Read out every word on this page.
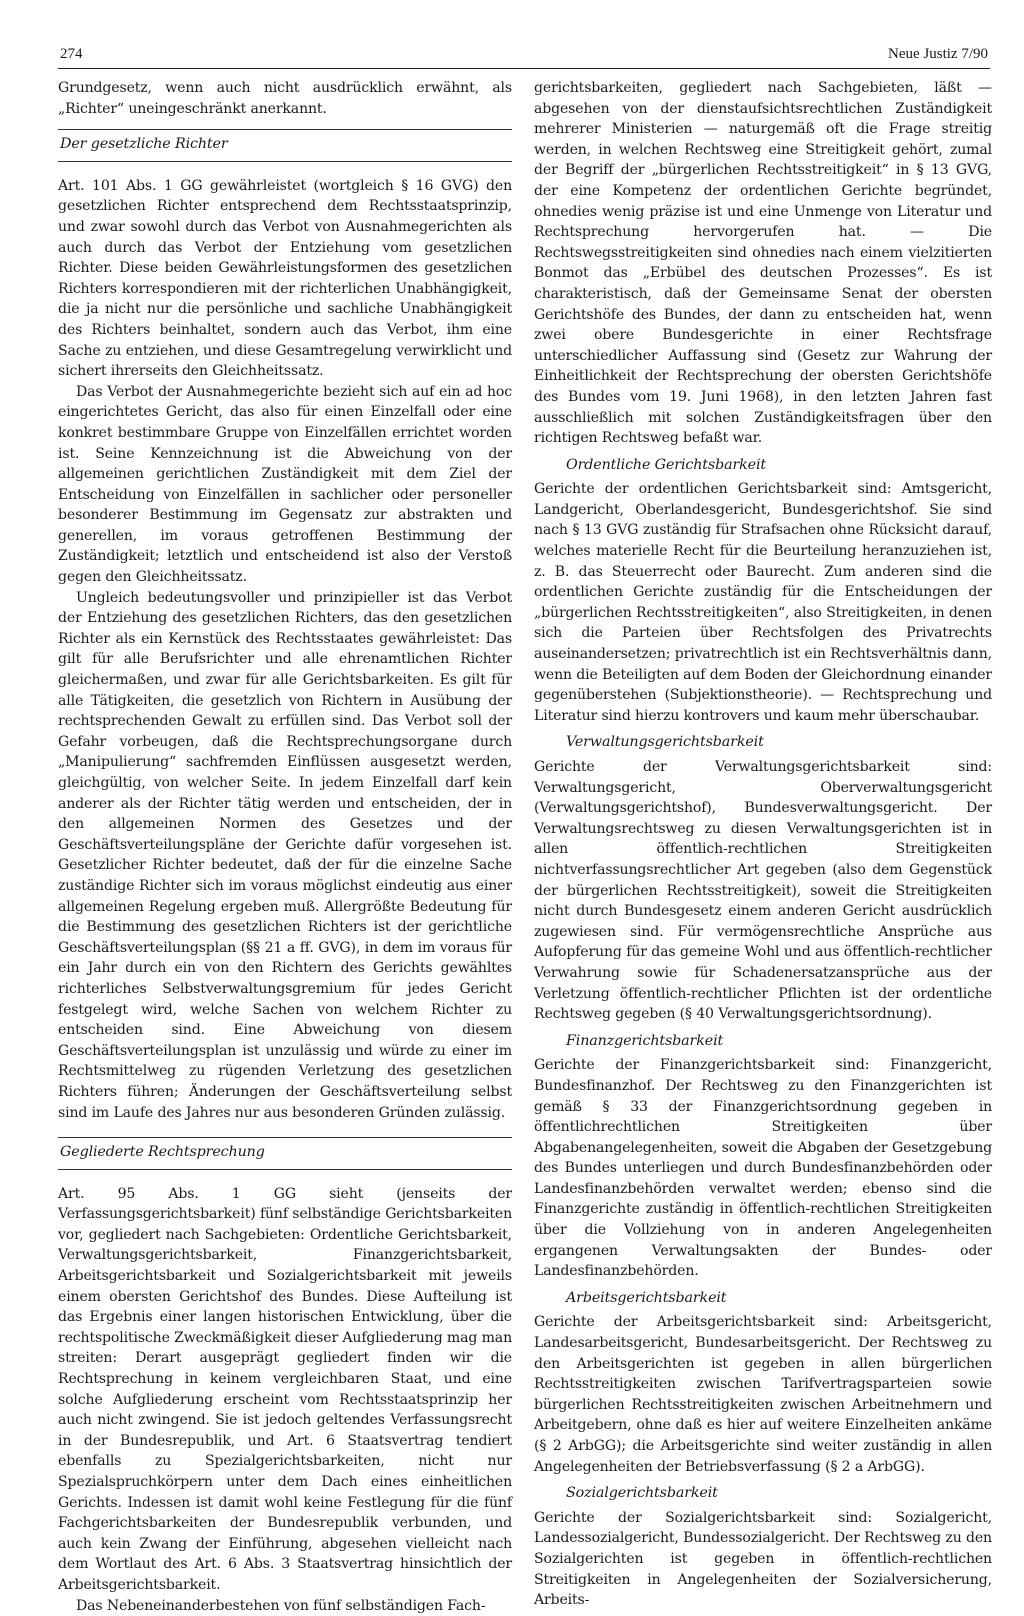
274	Neue Justiz 7/90

Grundgesetz, wenn auch nicht ausdrücklich erwähnt, als „Richter“ uneingeschränkt anerkannt.

Der gesetzliche Richter

Art. 101 Abs. 1 GG gewährleistet (wortgleich § 16 GVG) den gesetzlichen Richter entsprechend dem Rechtsstaatsprinzip, und zwar sowohl durch das Verbot von Ausnahmegerichten als auch durch das Verbot der Entziehung vom gesetzlichen Richter. Diese beiden Gewährleistungsformen des gesetzlichen Richters korrespondieren mit der richterlichen Unabhängigkeit, die ja nicht nur die persönliche und sachliche Unabhängigkeit des Richters beinhaltet, sondern auch das Verbot, ihm eine Sache zu entziehen, und diese Gesamtregelung verwirklicht und sichert ihrerseits den Gleichheitssatz.

Das Verbot der Ausnahmegerichte bezieht sich auf ein ad hoc eingerichtetes Gericht, das also für einen Einzelfall oder eine konkret bestimmbare Gruppe von Einzelfällen errichtet worden ist. Seine Kennzeichnung ist die Abweichung von der allgemeinen gerichtlichen Zuständigkeit mit dem Ziel der Entscheidung von Einzelfällen in sachlicher oder personeller besonderer Bestimmung im Gegensatz zur abstrakten und generellen, im voraus getroffenen Bestimmung der Zuständigkeit; letztlich und entscheidend ist also der Verstoß gegen den Gleichheitssatz.

Ungleich bedeutungsvoller und prinzipieller ist das Verbot der Entziehung des gesetzlichen Richters, das den gesetzlichen Richter als ein Kernstück des Rechtsstaates gewährleistet: Das gilt für alle Berufsrichter und alle ehrenamtlichen Richter gleichermaßen, und zwar für alle Gerichtsbarkeiten. Es gilt für alle Tätigkeiten, die gesetzlich von Richtern in Ausübung der rechtsprechenden Gewalt zu erfüllen sind. Das Verbot soll der Gefahr vorbeugen, daß die Rechtsprechungsorgane durch „Manipulierung“ sachfremden Einflüssen ausgesetzt werden, gleichgültig, von welcher Seite. In jedem Einzelfall darf kein anderer als der Richter tätig werden und entscheiden, der in den allgemeinen Normen des Gesetzes und der Geschäftsverteilungspläne der Gerichte dafür vorgesehen ist. Gesetzlicher Richter bedeutet, daß der für die einzelne Sache zuständige Richter sich im voraus möglichst eindeutig aus einer allgemeinen Regelung ergeben muß. Allergrößte Bedeutung für die Bestimmung des gesetzlichen Richters ist der gerichtliche Geschäftsverteilungsplan (§§ 21 a ff. GVG), in dem im voraus für ein Jahr durch ein von den Richtern des Gerichts gewähltes richterliches Selbstverwaltungsgremium für jedes Gericht festgelegt wird, welche Sachen von welchem Richter zu entscheiden sind. Eine Abweichung von diesem Geschäftsverteilungsplan ist unzulässig und würde zu einer im Rechtsmittelweg zu rügenden Verletzung des gesetzlichen Richters führen; Änderungen der Geschäftsverteilung selbst sind im Laufe des Jahres nur aus besonderen Gründen zulässig.

Gegliederte Rechtsprechung

Art. 95 Abs. 1 GG sieht (jenseits der Verfassungsgerichtsbarkeit) fünf selbständige Gerichtsbarkeiten vor, gegliedert nach Sachgebieten: Ordentliche Gerichtsbarkeit, Verwaltungsgerichtsbarkeit, Finanzgerichtsbarkeit, Arbeitsgerichtsbarkeit und Sozialgerichtsbarkeit mit jeweils einem obersten Gerichtshof des Bundes. Diese Aufteilung ist das Ergebnis einer langen historischen Entwicklung, über die rechtspolitische Zweckmäßigkeit dieser Aufgliederung mag man streiten: Derart ausgeprägt gegliedert finden wir die Rechtsprechung in keinem vergleichbaren Staat, und eine solche Aufgliederung erscheint vom Rechtsstaatsprinzip her auch nicht zwingend. Sie ist jedoch geltendes Verfassungsrecht in der Bundesrepublik, und Art. 6 Staatsvertrag tendiert ebenfalls zu Spezialgerichtsbarkeiten, nicht nur Spezialspruchkörpern unter dem Dach eines einheitlichen Gerichts. Indessen ist damit wohl keine Festlegung für die fünf Fachgerichtsbarkeiten der Bundesrepublik verbunden, und auch kein Zwang der Einführung, abgesehen vielleicht nach dem Wortlaut des Art. 6 Abs. 3 Staatsvertrag hinsichtlich der Arbeitsgerichtsbarkeit.

Das Nebeneinanderbestehen von fünf selbständigen Fach-

gerichtsbarkeiten, gegliedert nach Sachgebieten, läßt — abgesehen von der dienstaufsichtsrechtlichen Zuständigkeit mehrerer Ministerien — naturgemäß oft die Frage streitig werden, in welchen Rechtsweg eine Streitigkeit gehört, zumal der Begriff der „bürgerlichen Rechtsstreitigkeit“ in § 13 GVG, der eine Kompetenz der ordentlichen Gerichte begründet, ohnedies wenig präzise ist und eine Unmenge von Literatur und Rechtsprechung hervorgerufen hat. — Die Rechtswegsstreitigkeiten sind ohnedies nach einem vielzitierten Bonmot das „Erbübel des deutschen Prozesses“. Es ist charakteristisch, daß der Gemeinsame Senat der obersten Gerichtshöfe des Bundes, der dann zu entscheiden hat, wenn zwei obere Bundesgerichte in einer Rechtsfrage unterschiedlicher Auffassung sind (Gesetz zur Wahrung der Einheitlichkeit der Rechtsprechung der obersten Gerichtshöfe des Bundes vom 19. Juni 1968), in den letzten Jahren fast ausschließlich mit solchen Zuständigkeitsfragen über den richtigen Rechtsweg befaßt war.

Ordentliche Gerichtsbarkeit

Gerichte der ordentlichen Gerichtsbarkeit sind: Amtsgericht, Landgericht, Oberlandesgericht, Bundesgerichtshof. Sie sind nach § 13 GVG zuständig für Strafsachen ohne Rücksicht darauf, welches materielle Recht für die Beurteilung heranzuziehen ist, z. B. das Steuerrecht oder Baurecht. Zum anderen sind die ordentlichen Gerichte zuständig für die Entscheidungen der „bürgerlichen Rechtsstreitigkeiten“, also Streitigkeiten, in denen sich die Parteien über Rechtsfolgen des Privatrechts auseinandersetzen; privatrechtlich ist ein Rechtsverhältnis dann, wenn die Beteiligten auf dem Boden der Gleichordnung einander gegenüberstehen (Subjektionstheorie). — Rechtsprechung und Literatur sind hierzu kontrovers und kaum mehr überschaubar.

Verwaltungsgerichtsbarkeit

Gerichte der Verwaltungsgerichtsbarkeit sind: Verwaltungsgericht, Oberverwaltungsgericht (Verwaltungsgerichtshof), Bundesverwaltungsgericht. Der Verwaltungsrechtsweg zu diesen Verwaltungsgerichten ist in allen öffentlich-rechtlichen Streitigkeiten nichtverfassungsrechtlicher Art gegeben (also dem Gegenstück der bürgerlichen Rechtsstreitigkeit), soweit die Streitigkeiten nicht durch Bundesgesetz einem anderen Gericht ausdrücklich zugewiesen sind. Für vermögensrechtliche Ansprüche aus Aufopferung für das gemeine Wohl und aus öffentlich-rechtlicher Verwahrung sowie für Schadenersatzansprüche aus der Verletzung öffentlich-rechtlicher Pflichten ist der ordentliche Rechtsweg gegeben (§ 40 Verwaltungsgerichtsordnung).

Finanzgerichtsbarkeit

Gerichte der Finanzgerichtsbarkeit sind: Finanzgericht, Bundesfinanzhof. Der Rechtsweg zu den Finanzgerichten ist gemäß § 33 der Finanzgerichtsordnung gegeben in öffentlichrechtlichen Streitigkeiten über Abgabenangelegenheiten, soweit die Abgaben der Gesetzgebung des Bundes unterliegen und durch Bundesfinanzbehörden oder Landesfinanzbehörden verwaltet werden; ebenso sind die Finanzgerichte zuständig in öffentlich-rechtlichen Streitigkeiten über die Vollziehung von in anderen Angelegenheiten ergangenen Verwaltungsakten der Bundes- oder Landesfinanzbehörden.

Arbeitsgerichtsbarkeit

Gerichte der Arbeitsgerichtsbarkeit sind: Arbeitsgericht, Landesarbeitsgericht, Bundesarbeitsgericht. Der Rechtsweg zu den Arbeitsgerichten ist gegeben in allen bürgerlichen Rechtsstreitigkeiten zwischen Tarifvertragsparteien sowie bürgerlichen Rechtsstreitigkeiten zwischen Arbeitnehmern und Arbeitgebern, ohne daß es hier auf weitere Einzelheiten ankäme (§ 2 ArbGG); die Arbeitsgerichte sind weiter zuständig in allen Angelegenheiten der Betriebsverfassung (§ 2 a ArbGG).

Sozialgerichtsbarkeit

Gerichte der Sozialgerichtsbarkeit sind: Sozialgericht, Landessozialgericht, Bundessozialgericht. Der Rechtsweg zu den Sozialgerichten ist gegeben in öffentlich-rechtlichen Streitigkeiten in Angelegenheiten der Sozialversicherung, Arbeits-
